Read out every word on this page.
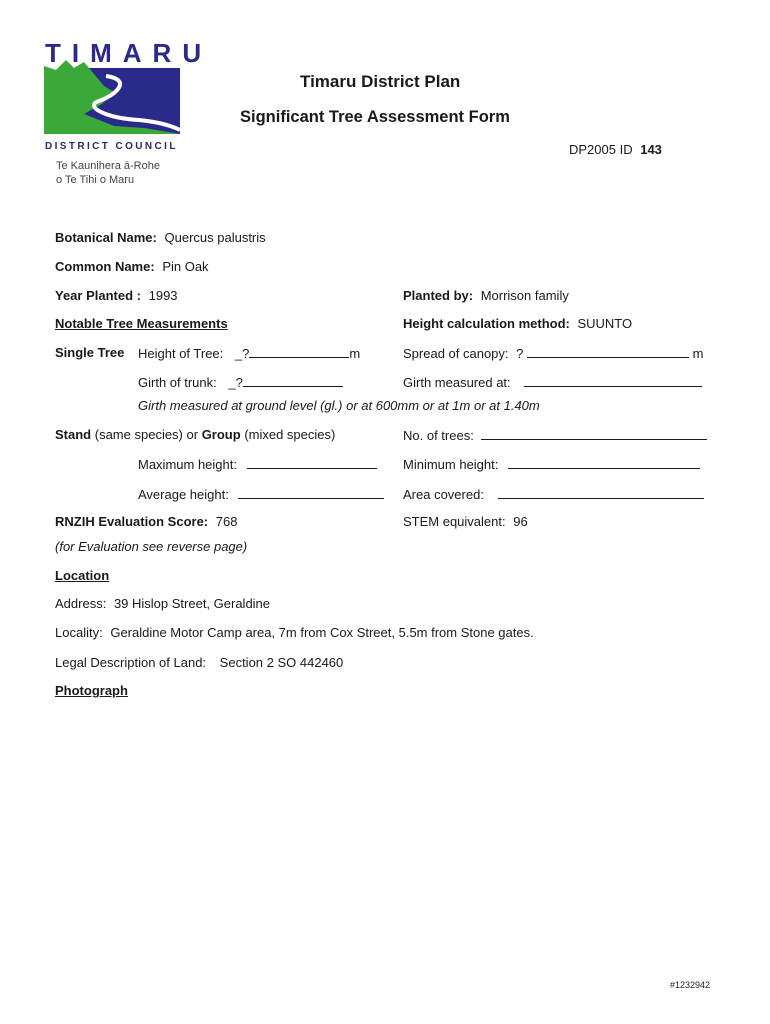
TIMARU
DISTRICT COUNCIL
Te Kaunihera ā-Rohe
o Te Tihi o Maru
Timaru District Plan
Significant Tree Assessment Form
DP2005 ID 143
Botanical Name: Quercus palustris
Common Name: Pin Oak
Year Planted : 1993	Planted by: Morrison family
Notable Tree Measurements	Height calculation method: SUUNTO
Single Tree Height of Tree: _?	m	Spread of canopy: ?	m
Girth of trunk: _?	Girth measured at:
Girth measured at ground level (gl.) or at 600mm or at 1m or at 1.40m
Stand (same species) or Group (mixed species)	No. of trees:
Maximum height:	Minimum height:
Average height:	Area covered:
RNZIH Evaluation Score: 768	STEM equivalent: 96
(for Evaluation see reverse page)
Location
Address: 39 Hislop Street, Geraldine
Locality: Geraldine Motor Camp area, 7m from Cox Street, 5.5m from Stone gates.
Legal Description of Land: Section 2 SO 442460
Photograph
#1232942
